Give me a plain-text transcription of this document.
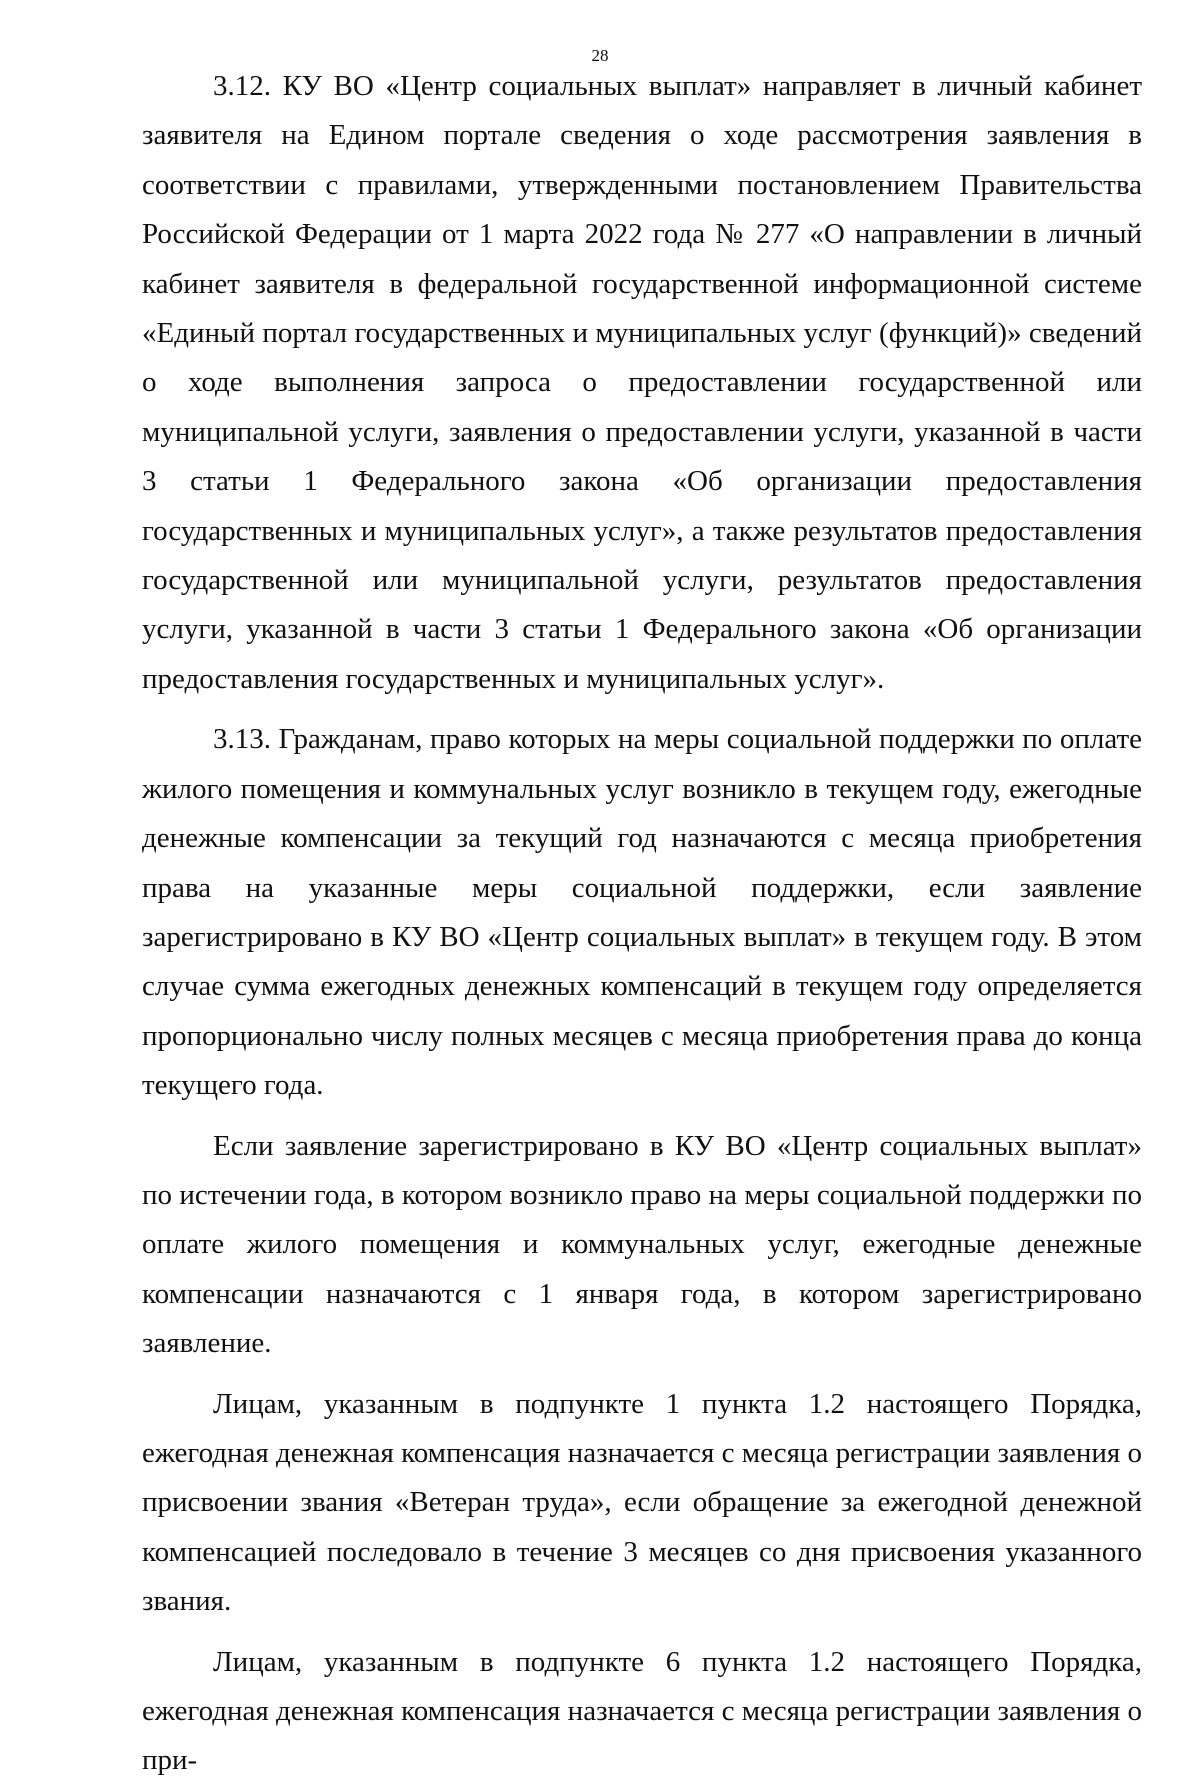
28

3.12. КУ ВО «Центр социальных выплат» направляет в личный кабинет заявителя на Едином портале сведения о ходе рассмотрения заявления в соответствии с правилами, утвержденными постановлением Правительства Российской Федерации от 1 марта 2022 года № 277 «О направлении в личный кабинет заявителя в федеральной государственной информационной системе «Единый портал государственных и муниципальных услуг (функций)» сведений о ходе выполнения запроса о предоставлении государственной или муниципальной услуги, заявления о предоставлении услуги, указанной в части 3 статьи 1 Федерального закона «Об организации предоставления государственных и муниципальных услуг», а также результатов предоставления государственной или муниципальной услуги, результатов предоставления услуги, указанной в части 3 статьи 1 Федерального закона «Об организации предоставления государственных и муниципальных услуг».

3.13. Гражданам, право которых на меры социальной поддержки по оплате жилого помещения и коммунальных услуг возникло в текущем году, ежегодные денежные компенсации за текущий год назначаются с месяца приобретения права на указанные меры социальной поддержки, если заявление зарегистрировано в КУ ВО «Центр социальных выплат» в текущем году. В этом случае сумма ежегодных денежных компенсаций в текущем году определяется пропорционально числу полных месяцев с месяца приобретения права до конца текущего года.

Если заявление зарегистрировано в КУ ВО «Центр социальных выплат» по истечении года, в котором возникло право на меры социальной поддержки по оплате жилого помещения и коммунальных услуг, ежегодные денежные компенсации назначаются с 1 января года, в котором зарегистрировано заявление.

Лицам, указанным в подпункте 1 пункта 1.2 настоящего Порядка, ежегодная денежная компенсация назначается с месяца регистрации заявления о присвоении звания «Ветеран труда», если обращение за ежегодной денежной компенсацией последовало в течение 3 месяцев со дня присвоения указанного звания.

Лицам, указанным в подпункте 6 пункта 1.2 настоящего Порядка, ежегодная денежная компенсация назначается с месяца регистрации заявления о при-
